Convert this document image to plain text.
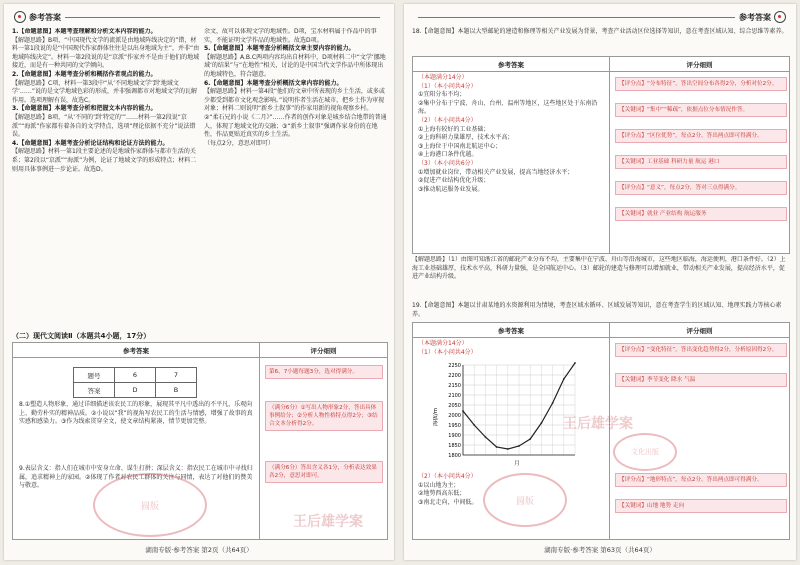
参考答案
1.【命题意图】本题考查理解和分析文本内容的能力。
【解题思路】B项，“中国现代文学的流派是由地域阵线决定的”错，材料一第1段说的是“中国现代作家群体往往是以出身地域为主”，并非“由地域阵线决定”。材料一第2段说的是“京派”作家并不是由于他们的地域接近，而是有一种共同的文学倾向。
2.【命题意图】本题考查分析和概括作者观点的能力。
【解题思路】C项，材料一第3段中“从‘不同地域文学’到‘地域文学’……”说的是文学地域色彩的形成，并非强调都市对地域文学的瓦解作用。选项理解有误，故选C。
3.【命题意图】本题考查分析和把握文本内容的能力。
【解题思路】B项，“从‘不同的’到‘特定的’”……材料一第2段说“京派”“海派”作家都有着各自的文学特点，选项“理论依据不充分”说法错误。
4.【命题意图】本题考查分析论证结构和论证方法的能力。
【解题思路】材料一第1段主要论述的是地域作家群体与都市生活的关系；第2段以“京派”“海派”为例，论证了地域文学的形成特点；材料二则用具体事例进一步论证。故选D。
余文，故可以体现文学的地域性。D项，宝水材料属于作品中的事实，不能证明文学作品的地域性。故选D项。
5.【命题意图】本题考查分析概括文章主要内容的能力。
【解题思路】A.B.C两项内容均出自材料中，D项材料二中“文学‘挪地域’的结果”与“在地性”相关，讨论的是中国当代文学作品中所体现出的地域特色，符合题意。
6.【命题意图】本题考查分析概括文章内容的能力。
【解题思路】材料一第4段“他们的文章中所表现的乡土生活，或多或少都受到都市文化观念影响。”说明作者生活在城市，把乡土作为审视对象；材料二则说明“新乡土叙事”的作家用新的视角观察乡村。
②“柔石兄的小说《二月》”……作者的创作对象是城乡结合地带的普通人，体现了地域文化的交融；③“新乡土叙事”强调作家身份的在地性，作品更贴近真实的乡土生活。
（每点2分，意思对即可）
（二）现代文阅读Ⅱ（本题共4小题，17分）
参考答案	评分细则
题号	6	7
答案	D	B
8.①塑造人物形象，通过详细描述该农民工的形象，展现其平凡中透出的不平凡，乐观向上、勤劳朴实的精神品质。②小说以“我”的视角写农民工的生活与情感，增强了故事的真实感和感染力。③作为线索贯穿全文，使文章结构紧凑，情节更加完整。
9.表层含义：指人们在城市中安身立命、谋生打拼；深层含义：指农民工在城市中寻找归属，追求精神上的家园。②体现了作者对农民工群体的关注与同情，表达了对他们的赞美与敬意。
第6、7小题每题3分，选对得满分。
（满分6分）①写出人物形象2分，答出具体事例给分；②分析人物性格特点得2分；③结合文本分析得2分。
（满分6分）答出含义各1分，分析表达效果各2分，意思对即可。
圆版
王后雄学案
湖南专版·参考答案 第2页（共64页）
参考答案
18.【命题意图】本题以大型邮轮的建造和修理等相关产业发展为背景，考查产业活动区位选择等知识，意在考查区域认知、综合思维等素养。
参考答案	评分细则
（本题满分14分）
（1）（本小问共4分）
①宜阳分布不均；
②集中分布于宁波、舟山、台州、温州等地区，这些地区处于东南沿海。
（2）（本小问共4分）
①上海有较好的工业基础；
②上海科研力量雄厚，技术水平高；
③上海位于中国南北航运中心；
④上海港口条件优越。
（3）（本小问共6分）
①增加就业岗位，带动相关产业发展，提高当地经济水平；
②促进产业结构优化升级；
③推动航运服务业发展。
【评分点】“分布特征”，答出空间分布各得2分，分析对位2分。
【关键词】“集中”“稀疏”，依据点位分布情况作答。
【评分点】“区位优势”，每点2分，答出两点即可得满分。
【关键词】工业基础 科研力量 航运 港口
【评分点】“意义”，每点2分，答对三点得满分。
【关键词】就业 产业结构 航运服务
【解题思路】（1）由图可知浙江省的邮轮产业分布不均，主要集中在宁波、舟山等沿海城市，这些地区临海，海运便利，港口条件好。（2）上海工业基础雄厚，技术水平高，科研力量强，是全国航运中心。（3）邮轮的建造与修理可以增加就业，带动相关产业发展，提高经济水平，促进产业结构升级。
19.【命题意图】本题以甘肃某地的水资源利用为情境，考查区域水循环、区域发展等知识，意在考查学生的区域认知、地理实践力等核心素养。
参考答案	评分细则
（本题满分14分）
（1）（本小问共4分）
2250
2200
2150
2100
2050
2000
1950
1900
1850
1800
海拔/m
月
（2）（本小问共4分）
①以山地为主；
②地势西高东低；
③南北走向，中间低。
【评分点】“变化特征”，答出变化趋势得2分，分析原因得2分。
【关键词】季节变化 降水 气温
【评分点】“地形特点”，每点2分，答出两点即可得满分。
【关键词】山地 地势 走向
王后雄学案
圆版
文化出版
湖南专版·参考答案 第63页（共64页）
